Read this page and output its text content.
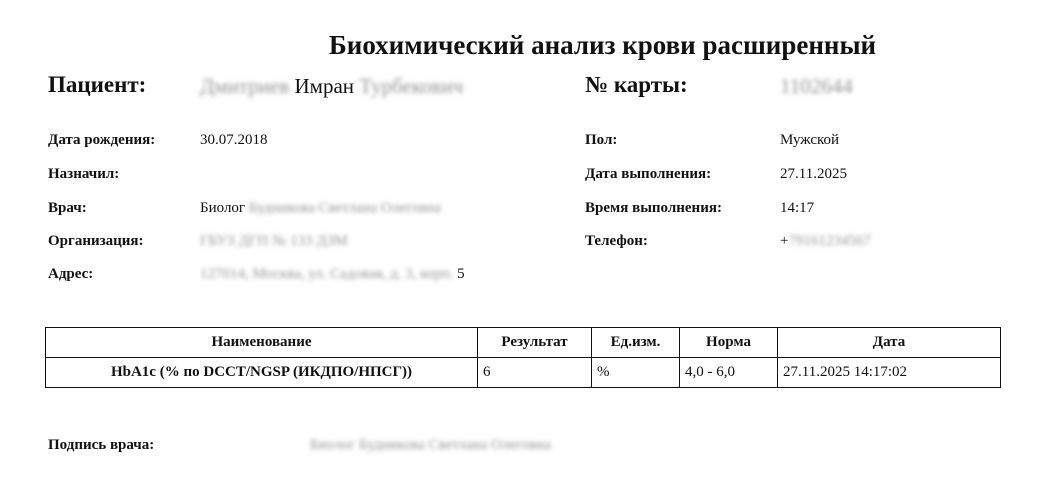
Биохимический анализ крови расширенный
Пациент:	Дмитриев Имран Турбекович	№ карты:	1102644
Дата рождения:	30.07.2018
Назначил:
Врач:	Биолог Будникова Светлана Олеговна
Организация:	ГБУЗ ДГП № 133 ДЗМ
Адрес:	127014, Москва, ул. Садовая, д. 3, корп. 5
Пол:	Мужской
Дата выполнения:	27.11.2025
Время выполнения:	14:17
Телефон:	+79161234567
Наименование	Результат	Ед.изм.	Норма	Дата
HbA1c (% по DCCT/NGSP (ИКДПО/НПСГ))	6	%	4,0 - 6,0	27.11.2025 14:17:02
Подпись врача:	Биолог Будникова Светлана Олеговна
